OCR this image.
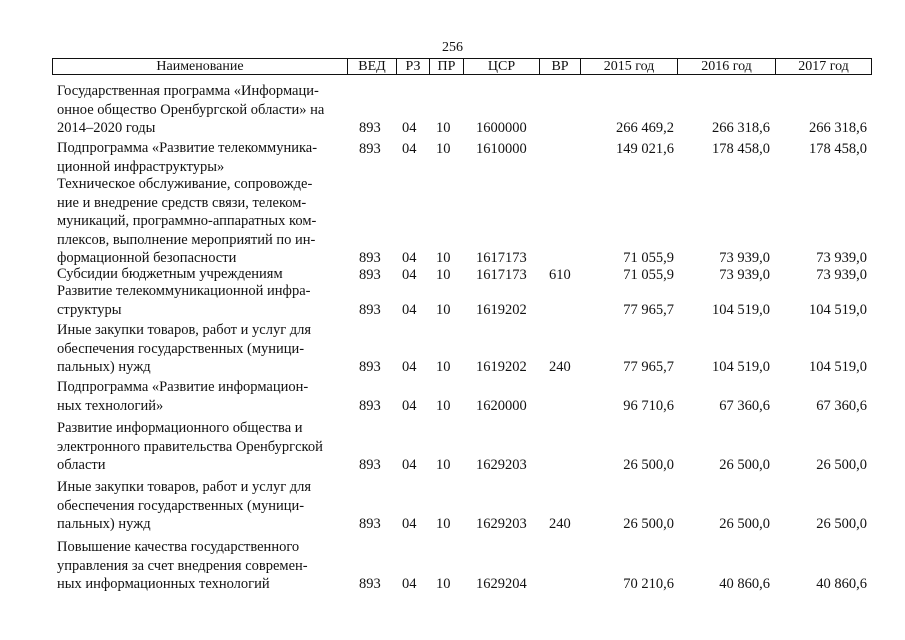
256
Наименование	ВЕД	РЗ	ПР	ЦСР	ВР	2015 год	2016 год	2017 год
Государственная программа «Информаци-
онное общество Оренбургской области» на
2014–2020 годы	893 04 10 1600000	266 469,2	266 318,6	266 318,6
Подпрограмма «Развитие телекоммуника-
ционной инфраструктуры»
893 04 10 1610000	149 021,6	178 458,0	178 458,0
Техническое обслуживание, сопровожде-
ние и внедрение средств связи, телеком-
муникаций, программно-аппаратных ком-
плексов, выполнение мероприятий по ин-
формационной безопасности	893 04 10 1617173	71 055,9	73 939,0	73 939,0
Субсидии бюджетным учреждениям	893 04 10 1617173 610	71 055,9	73 939,0	73 939,0
Развитие телекоммуникационной инфра-
структуры	893 04 10 1619202	77 965,7	104 519,0	104 519,0
Иные закупки товаров, работ и услуг для
обеспечения государственных (муници-
пальных) нужд	893 04 10 1619202 240	77 965,7	104 519,0	104 519,0
Подпрограмма «Развитие информацион-
ных технологий»	893 04 10 1620000	96 710,6	67 360,6	67 360,6
Развитие информационного общества и
электронного правительства Оренбургской
области	893 04 10 1629203	26 500,0	26 500,0	26 500,0
Иные закупки товаров, работ и услуг для
обеспечения государственных (муници-
пальных) нужд	893 04 10 1629203 240	26 500,0	26 500,0	26 500,0
Повышение качества государственного
управления за счет внедрения современ-
ных информационных технологий	893 04 10 1629204	70 210,6	40 860,6	40 860,6
